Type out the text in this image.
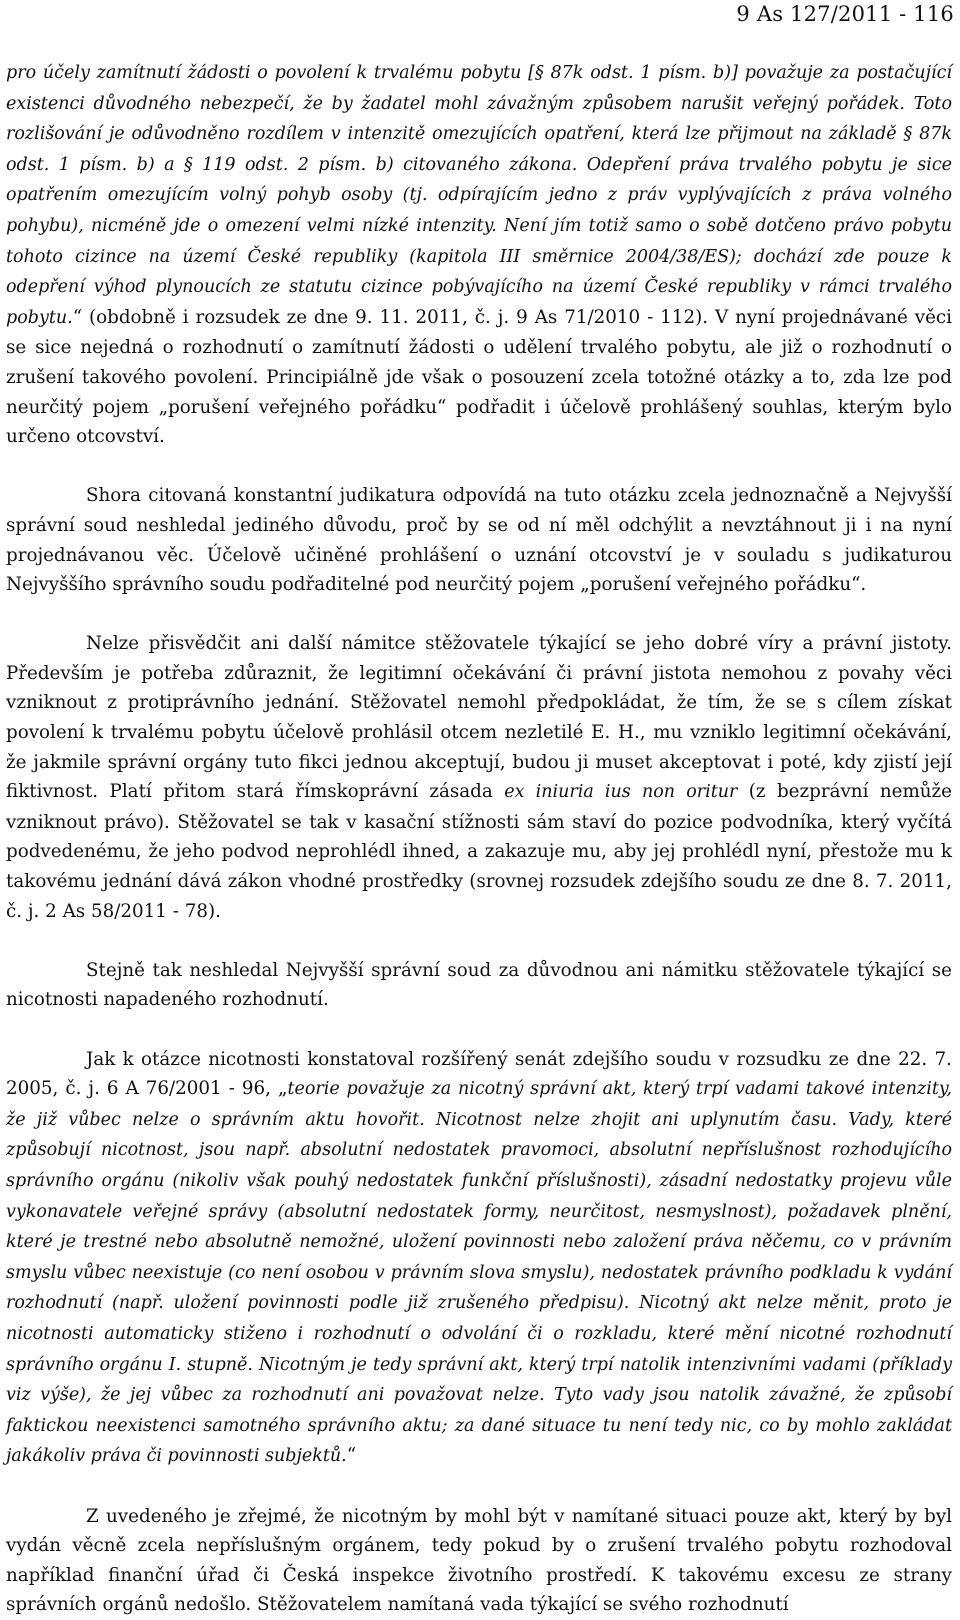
9 As 127/2011 - 116

pro účely zamítnutí žádosti o povolení k trvalému pobytu [§ 87k odst. 1 písm. b)] považuje za postačující existenci důvodného nebezpečí, že by žadatel mohl závažným způsobem narušit veřejný pořádek. Toto rozlišování je odůvodněno rozdílem v intenzitě omezujících opatření, která lze přijmout na základě § 87k odst. 1 písm. b) a § 119 odst. 2 písm. b) citovaného zákona. Odepření práva trvalého pobytu je sice opatřením omezujícím volný pohyb osoby (tj. odpírajícím jedno z práv vyplývajících z práva volného pohybu), nicméně jde o omezení velmi nízké intenzity. Není jím totiž samo o sobě dotčeno právo pobytu tohoto cizince na území České republiky (kapitola III směrnice 2004/38/ES); dochází zde pouze k odepření výhod plynoucích ze statutu cizince pobývajícího na území České republiky v rámci trvalého pobytu.“ (obdobně i rozsudek ze dne 9. 11. 2011, č. j. 9 As 71/2010 - 112). V nyní projednávané věci se sice nejedná o rozhodnutí o zamítnutí žádosti o udělení trvalého pobytu, ale již o rozhodnutí o zrušení takového povolení. Principiálně jde však o posouzení zcela totožné otázky a to, zda lze pod neurčitý pojem „porušení veřejného pořádku“ podřadit i účelově prohlášený souhlas, kterým bylo určeno otcovství.

Shora citovaná konstantní judikatura odpovídá na tuto otázku zcela jednoznačně a Nejvyšší správní soud neshledal jediného důvodu, proč by se od ní měl odchýlit a nevztáhnout ji i na nyní projednávanou věc. Účelově učiněné prohlášení o uznání otcovství je v souladu s judikaturou Nejvyššího správního soudu podřaditelné pod neurčitý pojem „porušení veřejného pořádku“.

Nelze přisvědčit ani další námitce stěžovatele týkající se jeho dobré víry a právní jistoty. Především je potřeba zdůraznit, že legitimní očekávání či právní jistota nemohou z povahy věci vzniknout z protiprávního jednání. Stěžovatel nemohl předpokládat, že tím, že se s cílem získat povolení k trvalému pobytu účelově prohlásil otcem nezletilé E. H., mu vzniklo legitimní očekávání, že jakmile správní orgány tuto fikci jednou akceptují, budou ji muset akceptovat i poté, kdy zjistí její fiktivnost. Platí přitom stará římskoprávní zásada ex iniuria ius non oritur (z bezprávní nemůže vzniknout právo). Stěžovatel se tak v kasační stížnosti sám staví do pozice podvodníka, který vyčítá podvedenému, že jeho podvod neprohlédl ihned, a zakazuje mu, aby jej prohlédl nyní, přestože mu k takovému jednání dává zákon vhodné prostředky (srovnej rozsudek zdejšího soudu ze dne 8. 7. 2011, č. j. 2 As 58/2011 - 78).

Stejně tak neshledal Nejvyšší správní soud za důvodnou ani námitku stěžovatele týkající se nicotnosti napadeného rozhodnutí.

Jak k otázce nicotnosti konstatoval rozšířený senát zdejšího soudu v rozsudku ze dne 22. 7. 2005, č. j. 6 A 76/2001 - 96, „teorie považuje za nicotný správní akt, který trpí vadami takové intenzity, že již vůbec nelze o správním aktu hovořit. Nicotnost nelze zhojit ani uplynutím času. Vady, které způsobují nicotnost, jsou např. absolutní nedostatek pravomoci, absolutní nepříslušnost rozhodujícího správního orgánu (nikoliv však pouhý nedostatek funkční příslušnosti), zásadní nedostatky projevu vůle vykonavatele veřejné správy (absolutní nedostatek formy, neurčitost, nesmyslnost), požadavek plnění, které je trestné nebo absolutně nemožné, uložení povinnosti nebo založení práva něčemu, co v právním smyslu vůbec neexistuje (co není osobou v právním slova smyslu), nedostatek právního podkladu k vydání rozhodnutí (např. uložení povinnosti podle již zrušeného předpisu). Nicotný akt nelze měnit, proto je nicotnosti automaticky stiženo i rozhodnutí o odvolání či o rozkladu, které mění nicotné rozhodnutí správního orgánu I. stupně. Nicotným je tedy správní akt, který trpí natolik intenzivními vadami (příklady viz výše), že jej vůbec za rozhodnutí ani považovat nelze. Tyto vady jsou natolik závažné, že způsobí faktickou neexistenci samotného správního aktu; za dané situace tu není tedy nic, co by mohlo zakládat jakákoliv práva či povinnosti subjektů.“

Z uvedeného je zřejmé, že nicotným by mohl být v namítané situaci pouze akt, který by byl vydán věcně zcela nepříslušným orgánem, tedy pokud by o zrušení trvalého pobytu rozhodoval například finanční úřad či Česká inspekce životního prostředí. K takovému excesu ze strany správních orgánů nedošlo. Stěžovatelem namítaná vada týkající se svého rozhodnutí
